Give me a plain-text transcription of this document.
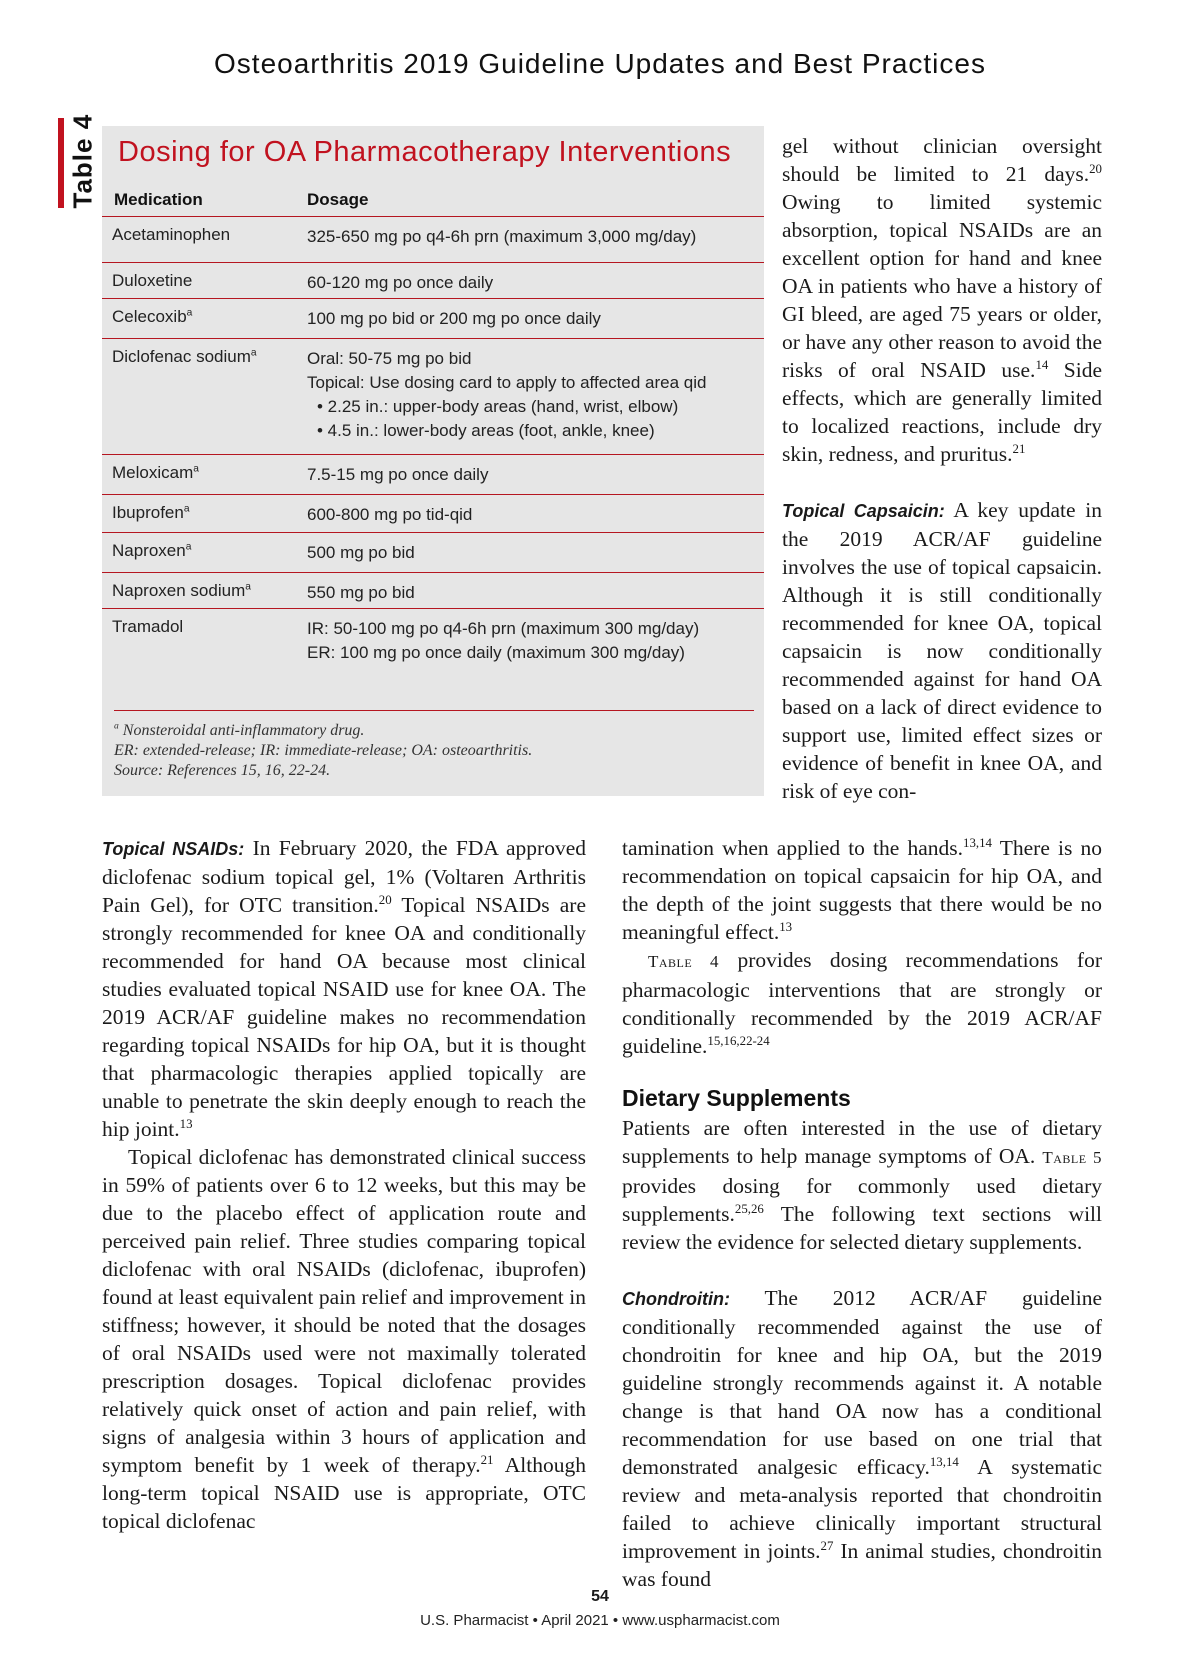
Osteoarthritis 2019 Guideline Updates and Best Practices
Table 4 Dosing for OA Pharmacotherapy Interventions
Medication	Dosage
Acetaminophen	325-650 mg po q4-6h prn (maximum 3,000 mg/day)
Duloxetine	60-120 mg po once daily
Celecoxib$^a$	100 mg po bid or 200 mg po once daily
Diclofenac sodium$^a$	Oral: 50-75 mg po bid
Topical: Use dosing card to apply to affected area qid
• 2.25 in.: upper-body areas (hand, wrist, elbow)
• 4.5 in.: lower-body areas (foot, ankle, knee)
Meloxicam$^a$	7.5-15 mg po once daily
Ibuprofen$^a$	600-800 mg po tid-qid
Naproxen$^a$	500 mg po bid
Naproxen sodium$^a$	550 mg po bid
Tramadol	IR: 50-100 mg po q4-6h prn (maximum 300 mg/day)
ER: 100 mg po once daily (maximum 300 mg/day)
$^a$ Nonsteroidal anti-inflammatory drug.
ER: extended-release; IR: immediate-release; OA: osteoarthritis.
Source: References 15, 16, 22-24.

gel without clinician oversight should be limited to 21 days.$^{20}$ Owing to limited systemic absorption, topical NSAIDs are an excellent option for hand and knee OA in patients who have a history of GI bleed, are aged 75 years or older, or have any other reason to avoid the risks of oral NSAID use.$^{14}$ Side effects, which are generally limited to localized reactions, include dry skin, redness, and pruritus.$^{21}$

Topical Capsaicin: A key update in the 2019 ACR/AF guideline involves the use of topical capsaicin. Although it is still conditionally recommended for knee OA, topical capsaicin is now conditionally recommended against for hand OA based on a lack of direct evidence to support use, limited effect sizes or evidence of benefit in knee OA, and risk of eye con-

Topical NSAIDs: In February 2020, the FDA approved diclofenac sodium topical gel, 1% (Voltaren Arthritis Pain Gel), for OTC transition.$^{20}$ Topical NSAIDs are strongly recommended for knee OA and conditionally recommended for hand OA because most clinical studies evaluated topical NSAID use for knee OA. The 2019 ACR/AF guideline makes no recommendation regarding topical NSAIDs for hip OA, but it is thought that pharmacologic therapies applied topically are unable to penetrate the skin deeply enough to reach the hip joint.$^{13}$

Topical diclofenac has demonstrated clinical success in 59% of patients over 6 to 12 weeks, but this may be due to the placebo effect of application route and perceived pain relief. Three studies comparing topical diclofenac with oral NSAIDs (diclofenac, ibuprofen) found at least equivalent pain relief and improvement in stiffness; however, it should be noted that the dosages of oral NSAIDs used were not maximally tolerated prescription dosages. Topical diclofenac provides relatively quick onset of action and pain relief, with signs of analgesia within 3 hours of application and symptom benefit by 1 week of therapy.$^{21}$ Although long-term topical NSAID use is appropriate, OTC topical diclofenac

tamination when applied to the hands.$^{13,14}$ There is no recommendation on topical capsaicin for hip OA, and the depth of the joint suggests that there would be no meaningful effect.$^{13}$

Table 4 provides dosing recommendations for pharmacologic interventions that are strongly or conditionally recommended by the 2019 ACR/AF guideline.$^{15,16,22-24}$

Dietary Supplements

Patients are often interested in the use of dietary supplements to help manage symptoms of OA. Table 5 provides dosing for commonly used dietary supplements.$^{25,26}$ The following text sections will review the evidence for selected dietary supplements.

Chondroitin: The 2012 ACR/AF guideline conditionally recommended against the use of chondroitin for knee and hip OA, but the 2019 guideline strongly recommends against it. A notable change is that hand OA now has a conditional recommendation for use based on one trial that demonstrated analgesic efficacy.$^{13,14}$ A systematic review and meta-analysis reported that chondroitin failed to achieve clinically important structural improvement in joints.$^{27}$ In animal studies, chondroitin was found

54
U.S. Pharmacist • April 2021 • www.uspharmacist.com
